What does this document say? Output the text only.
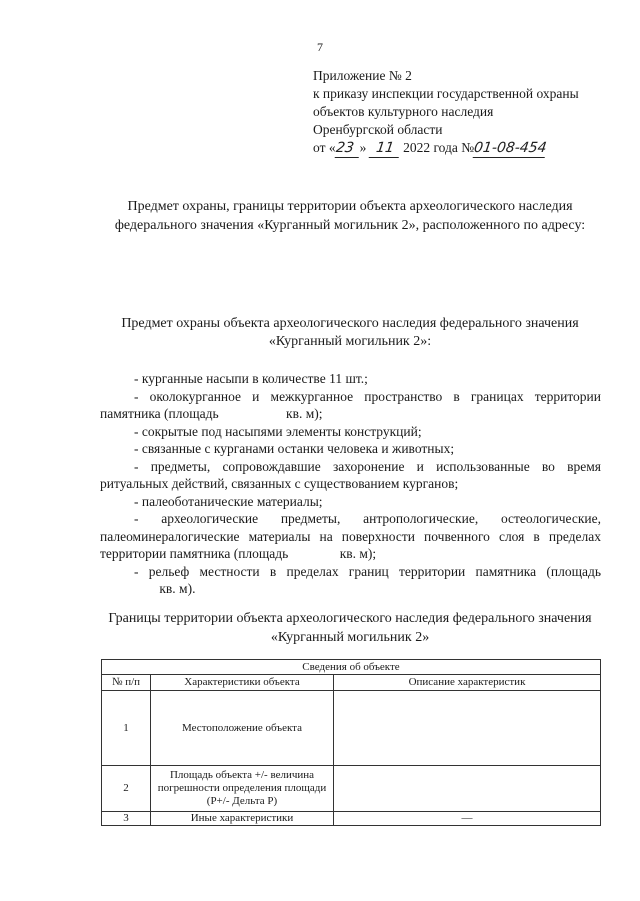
7
Приложение № 2
к приказу инспекции государственной охраны
объектов культурного наследия
Оренбургской области
от «23 » 11 2022 года №01-08-454
Предмет охраны, границы территории объекта археологического наследия федерального значения «Курганный могильник 2», расположенного по адресу:
Предмет охраны объекта археологического наследия федерального значения «Курганный могильник 2»:

- курганные насыпи в количестве 11 шт.;

- околокурганное и межкурганное пространство в границах территории памятника (площадь	кв. м);

- сокрытые под насыпями элементы конструкций;

- связанные с курганами останки человека и животных;

- предметы, сопровождавшие захоронение и использованные во время ритуальных действий, связанных с существованием курганов;

- палеоботанические материалы;

- археологические предметы, антропологические, остеологические, палеоминералогические материалы на поверхности почвенного слоя в пределах территории памятника (площадь	кв. м);

- рельеф местности в пределах границ территории памятника (площадь кв. м).

Границы территории объекта археологического наследия федерального значения «Курганный могильник 2»
Сведения об объекте		
№ п/п	Характеристики объекта	Описание характеристик
1	Местоположение объекта	
2	Площадь объекта +/- величина погрешности определения площади (P+/- Дельта P)	
3	Иные характеристики	—
